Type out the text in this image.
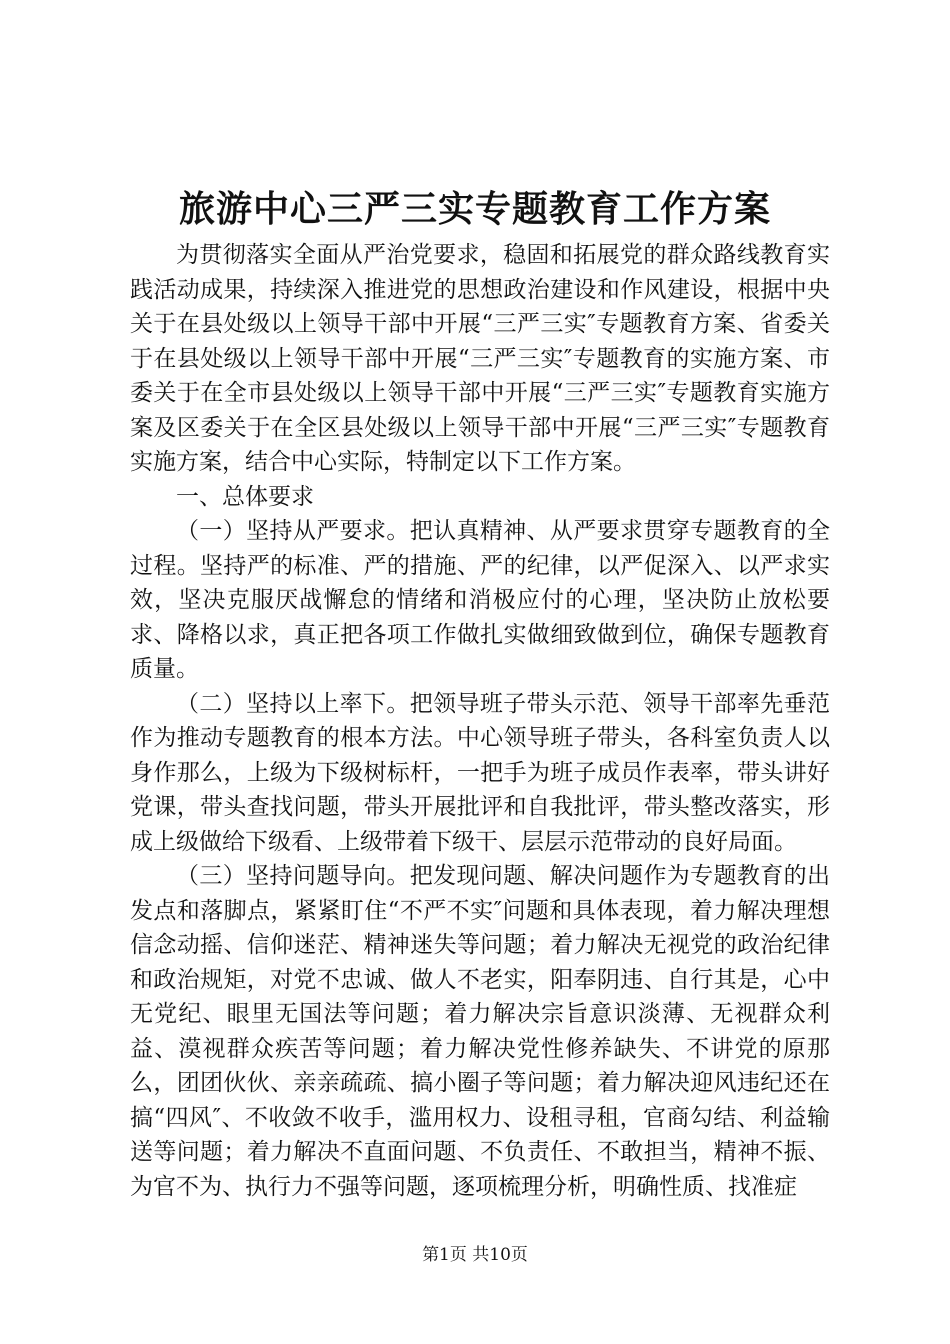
旅游中心三严三实专题教育工作方案

为贯彻落实全面从严治党要求，稳固和拓展党的群众路线教育实践活动成果，持续深入推进党的思想政治建设和作风建设，根据中央关于在县处级以上领导干部中开展“三严三实″专题教育方案、省委关于在县处级以上领导干部中开展“三严三实″专题教育的实施方案、市委关于在全市县处级以上领导干部中开展“三严三实″专题教育实施方案及区委关于在全区县处级以上领导干部中开展“三严三实″专题教育实施方案，结合中心实际，特制定以下工作方案。

一、总体要求

（一）坚持从严要求。把认真精神、从严要求贯穿专题教育的全过程。坚持严的标准、严的措施、严的纪律，以严促深入、以严求实效，坚决克服厌战懈怠的情绪和消极应付的心理，坚决防止放松要求、降格以求，真正把各项工作做扎实做细致做到位，确保专题教育质量。

（二）坚持以上率下。把领导班子带头示范、领导干部率先垂范作为推动专题教育的根本方法。中心领导班子带头，各科室负责人以身作那么，上级为下级树标杆，一把手为班子成员作表率，带头讲好党课，带头查找问题，带头开展批评和自我批评，带头整改落实，形成上级做给下级看、上级带着下级干、层层示范带动的良好局面。

（三）坚持问题导向。把发现问题、解决问题作为专题教育的出发点和落脚点，紧紧盯住“不严不实″问题和具体表现，着力解决理想信念动摇、信仰迷茫、精神迷失等问题；着力解决无视党的政治纪律和政治规矩，对党不忠诚、做人不老实，阳奉阴违、自行其是，心中无党纪、眼里无国法等问题；着力解决宗旨意识淡薄、无视群众利益、漠视群众疾苦等问题；着力解决党性修养缺失、不讲党的原那么，团团伙伙、亲亲疏疏、搞小圈子等问题；着力解决迎风违纪还在搞“四风″、不收敛不收手，滥用权力、设租寻租，官商勾结、利益输送等问题；着力解决不直面问题、不负责任、不敢担当，精神不振、为官不为、执行力不强等问题，逐项梳理分析，明确性质、找准症

第1页 共10页
